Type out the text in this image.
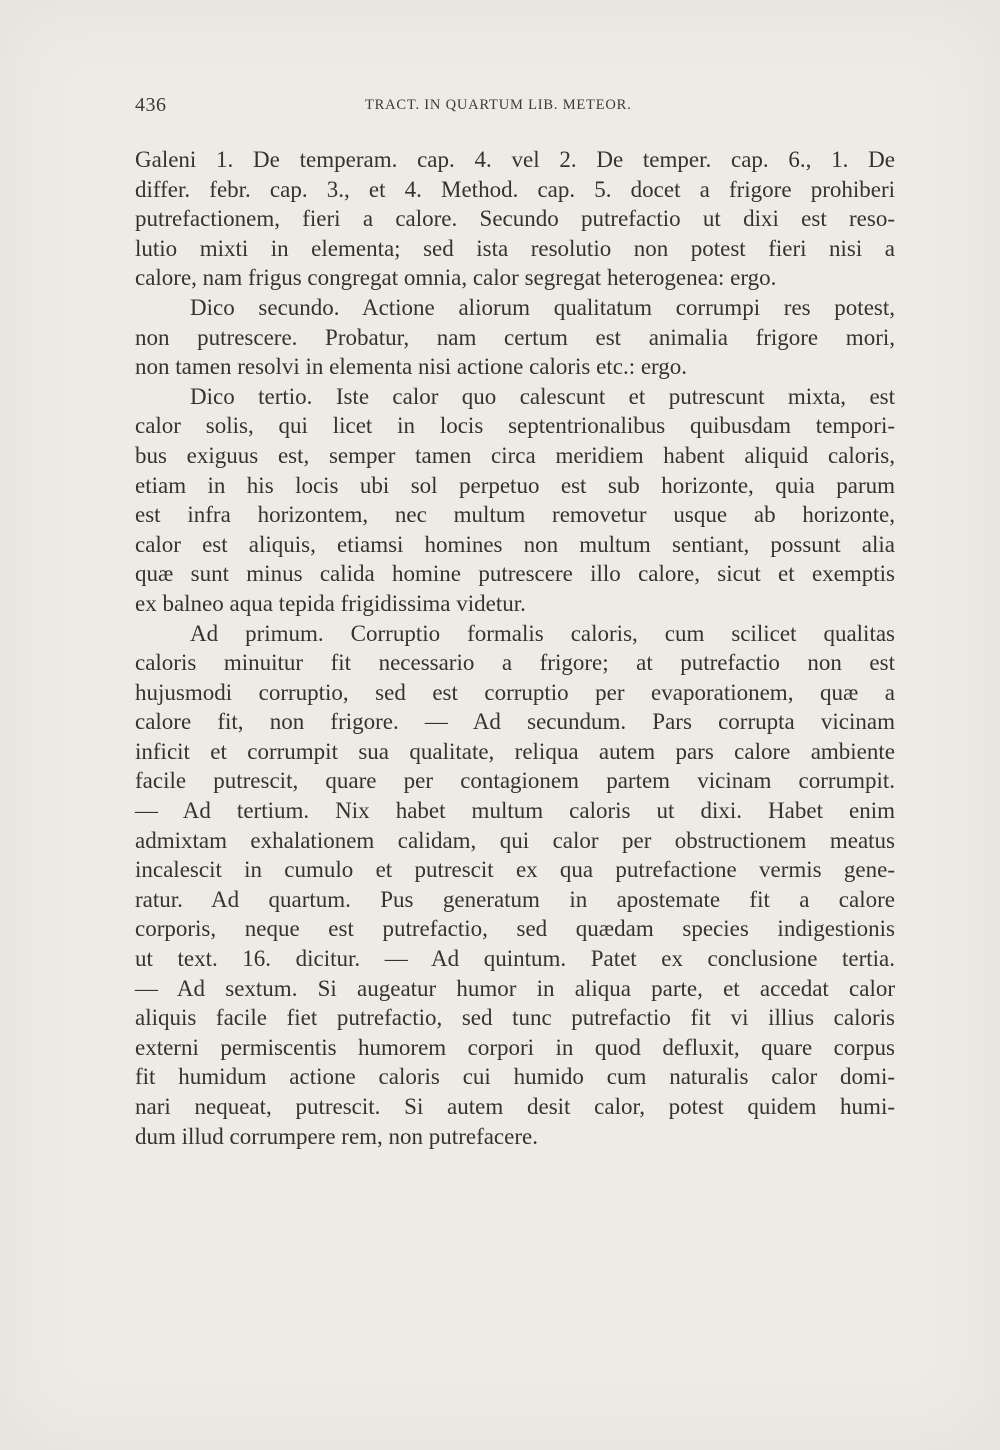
436	TRACT. IN QUARTUM LIB. METEOR.
Galeni 1. De temperam. cap. 4. vel 2. De temper. cap. 6., 1. De
differ. febr. cap. 3., et 4. Method. cap. 5. docet a frigore prohiberi
putrefactionem, fieri a calore. Secundo putrefactio ut dixi est reso-
lutio mixti in elementa; sed ista resolutio non potest fieri nisi a
calore, nam frigus congregat omnia, calor segregat heterogenea: ergo.
Dico secundo. Actione aliorum qualitatum corrumpi res potest,
non putrescere. Probatur, nam certum est animalia frigore mori,
non tamen resolvi in elementa nisi actione caloris etc.: ergo.
Dico tertio. Iste calor quo calescunt et putrescunt mixta, est
calor solis, qui licet in locis septentrionalibus quibusdam tempori-
bus exiguus est, semper tamen circa meridiem habent aliquid caloris,
etiam in his locis ubi sol perpetuo est sub horizonte, quia parum
est infra horizontem, nec multum removetur usque ab horizonte,
calor est aliquis, etiamsi homines non multum sentiant, possunt alia
quæ sunt minus calida homine putrescere illo calore, sicut et exemptis
ex balneo aqua tepida frigidissima videtur.
Ad primum. Corruptio formalis caloris, cum scilicet qualitas
caloris minuitur fit necessario a frigore; at putrefactio non est
hujusmodi corruptio, sed est corruptio per evaporationem, quæ a
calore fit, non frigore. — Ad secundum. Pars corrupta vicinam
inficit et corrumpit sua qualitate, reliqua autem pars calore ambiente
facile putrescit, quare per contagionem partem vicinam corrumpit.
— Ad tertium. Nix habet multum caloris ut dixi. Habet enim
admixtam exhalationem calidam, qui calor per obstructionem meatus
incalescit in cumulo et putrescit ex qua putrefactione vermis gene-
ratur. Ad quartum. Pus generatum in apostemate fit a calore
corporis, neque est putrefactio, sed quædam species indigestionis
ut text. 16. dicitur. — Ad quintum. Patet ex conclusione tertia.
— Ad sextum. Si augeatur humor in aliqua parte, et accedat calor
aliquis facile fiet putrefactio, sed tunc putrefactio fit vi illius caloris
externi permiscentis humorem corpori in quod defluxit, quare corpus
fit humidum actione caloris cui humido cum naturalis calor domi-
nari nequeat, putrescit. Si autem desit calor, potest quidem humi-
dum illud corrumpere rem, non putrefacere.
